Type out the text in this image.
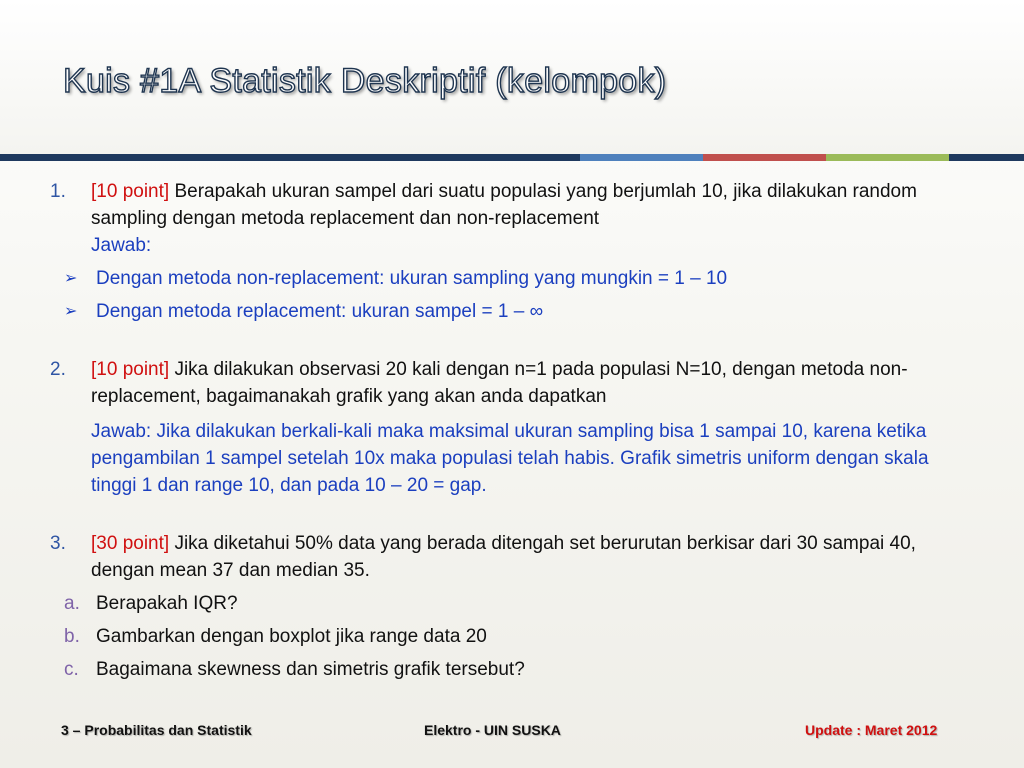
Kuis #1A Statistik Deskriptif (kelompok)
1. [10 point] Berapakah ukuran sampel dari suatu populasi yang berjumlah 10, jika dilakukan random sampling dengan metoda replacement dan non-replacement
Jawab:
➢ Dengan metoda non-replacement: ukuran sampling yang mungkin = 1 – 10
➢ Dengan metoda replacement: ukuran sampel = 1 – ∞
2. [10 point] Jika dilakukan observasi 20 kali dengan n=1 pada populasi N=10, dengan metoda non-replacement, bagaimanakah grafik yang akan anda dapatkan
Jawab: Jika dilakukan berkali-kali maka maksimal ukuran sampling bisa 1 sampai 10, karena ketika pengambilan 1 sampel setelah 10x maka populasi telah habis. Grafik simetris uniform dengan skala tinggi 1 dan range 10, dan pada 10 – 20 = gap.
3. [30 point] Jika diketahui 50% data yang berada ditengah set berurutan berkisar dari 30 sampai 40, dengan mean 37 dan median 35.
a. Berapakah IQR?
b. Gambarkan dengan boxplot jika range data 20
c. Bagaimana skewness dan simetris grafik tersebut?
3 – Probabilitas dan Statistik	Elektro - UIN SUSKA	Update : Maret 2012
